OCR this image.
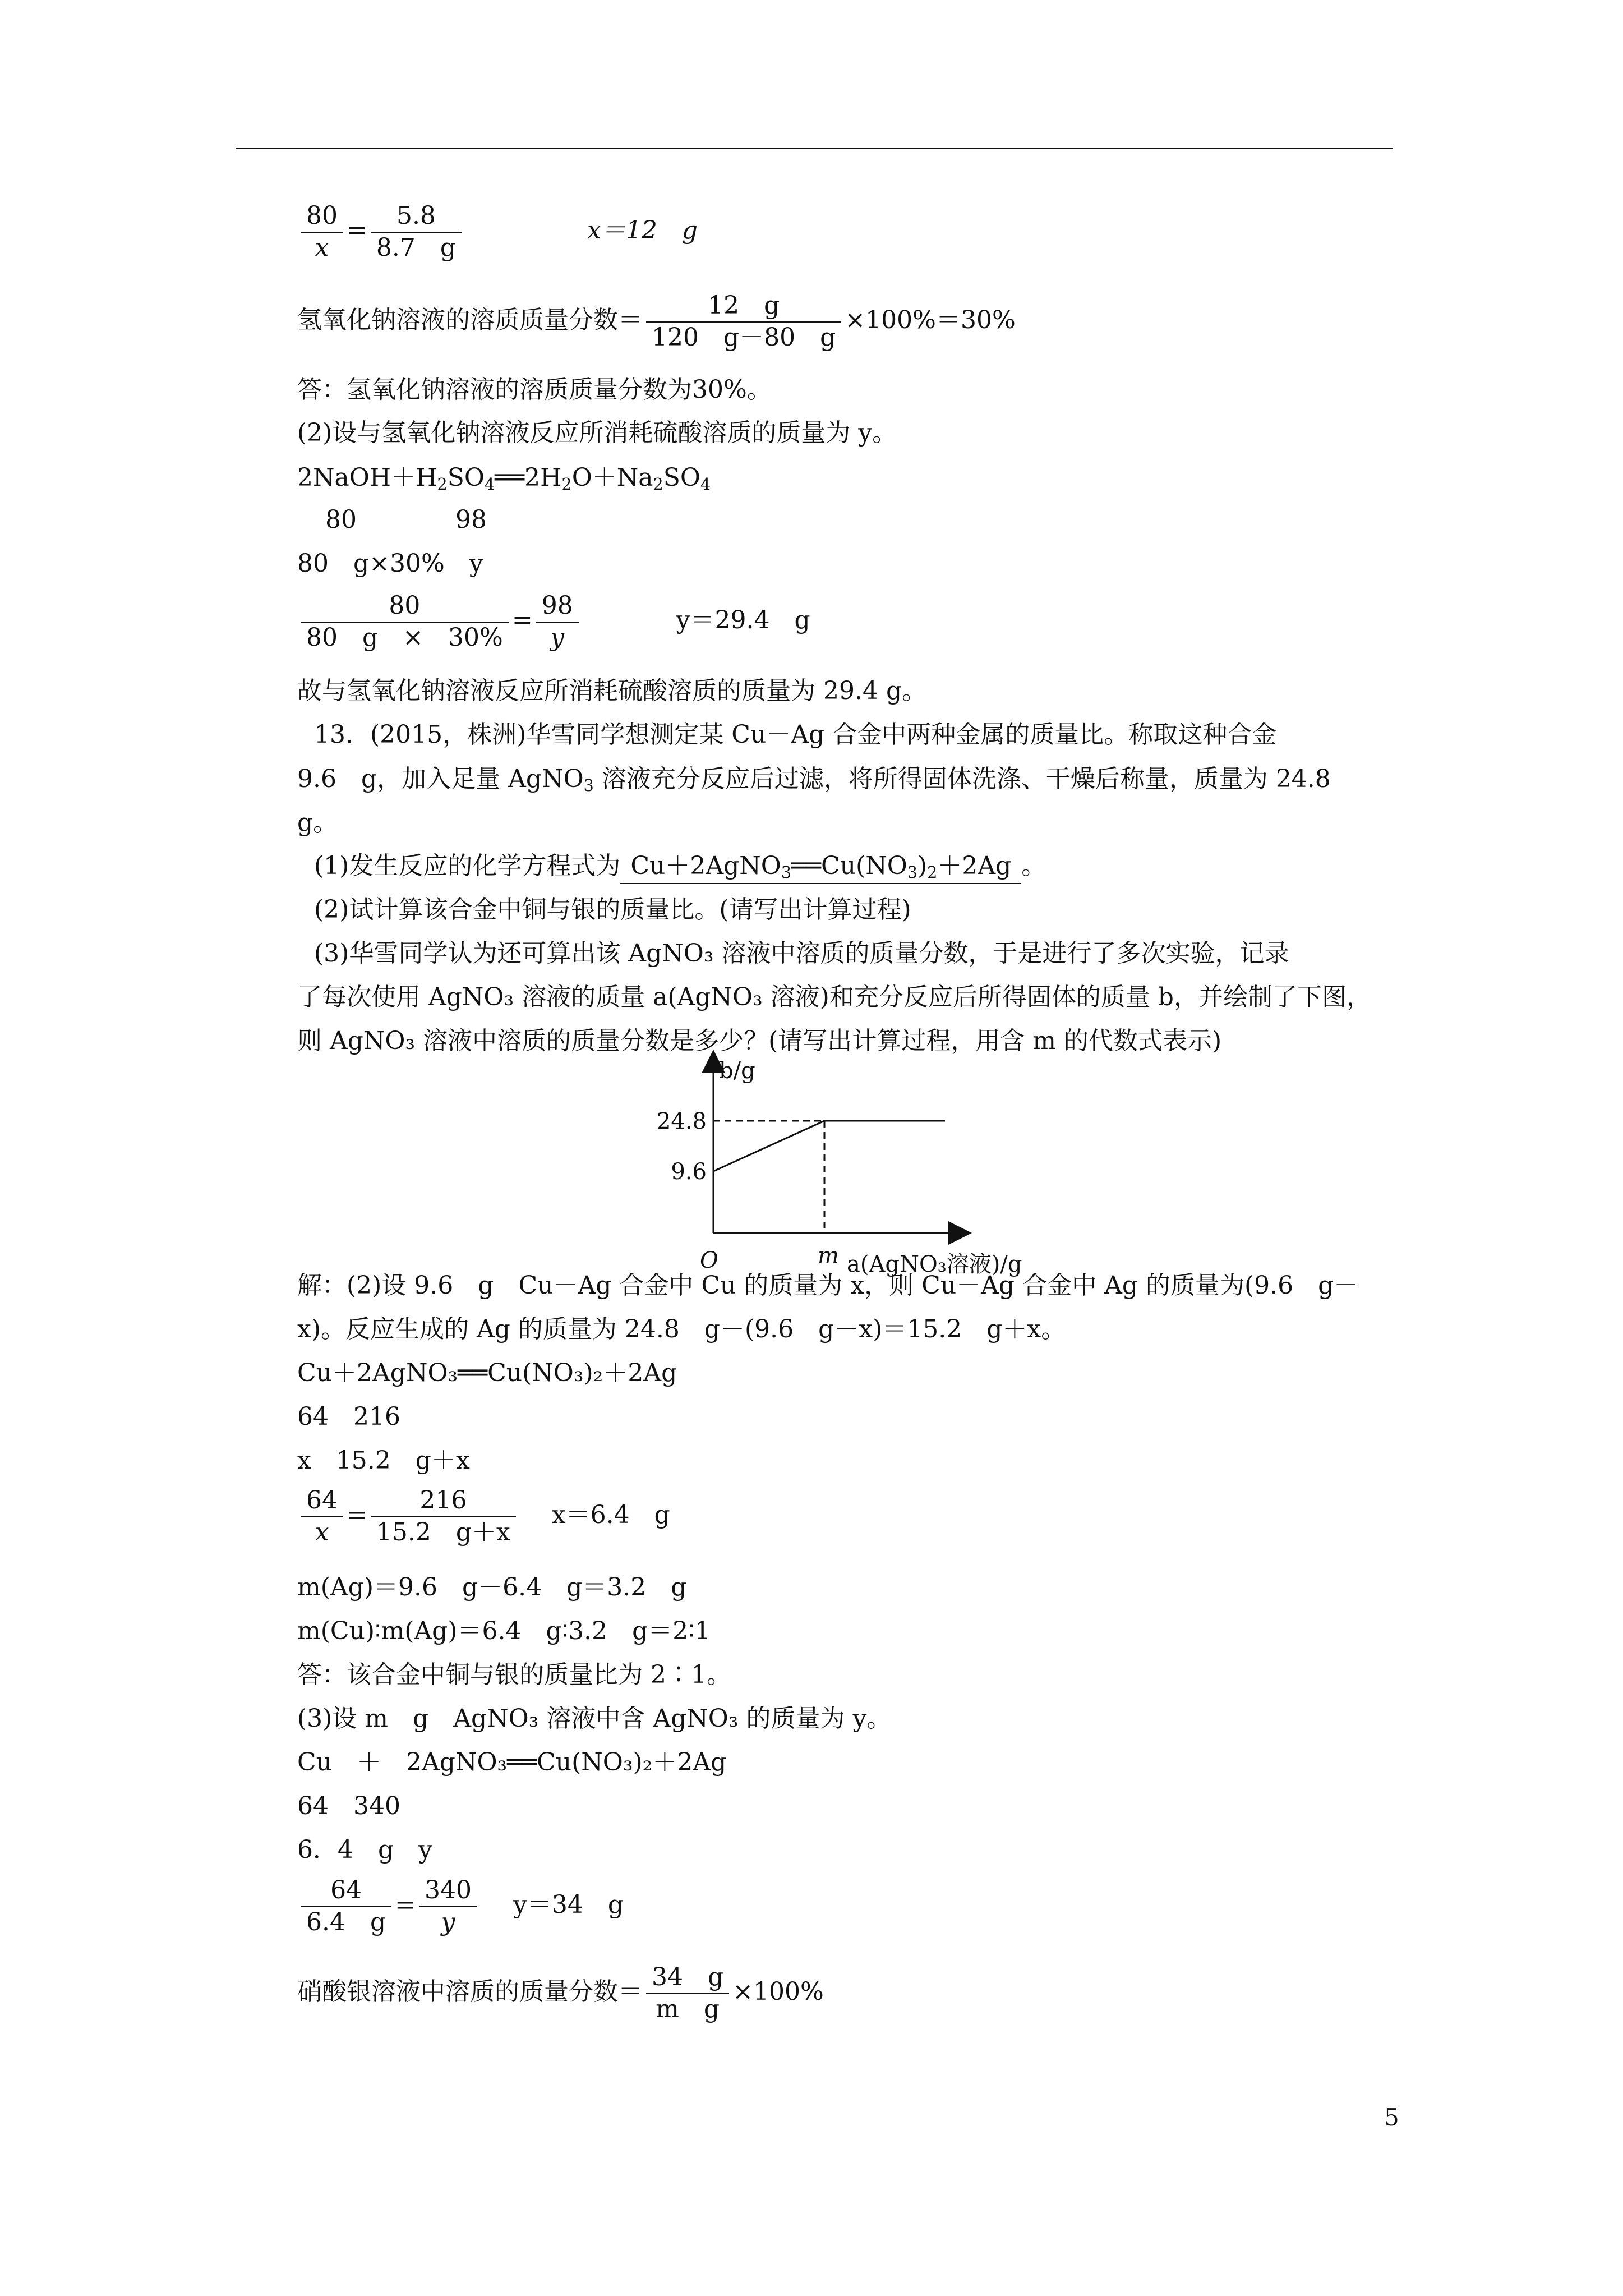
$\frac{80}{x} = \frac{5.8}{8.7 g}$	x＝12　g
氢氧化钠溶液的溶质质量分数＝ $\frac{12 g}{120 g-80 g} \times 100\%=30\%$
答：氢氧化钠溶液的溶质质量分数为30%。
(2)设与氢氧化钠溶液反应所消耗硫酸溶质的质量为 y。
$2NaOH+H_2SO_4══2H_2O+Na_2SO_4$
80　　　　98
80　g×30%　y
$\frac{80}{80 g \times 30\%} = \frac{98}{y}$	y＝29.4　g
故与氢氧化钠溶液反应所消耗硫酸溶质的质量为 29.4 g。
13．(2015，株洲)华雪同学想测定某 Cu－Ag 合金中两种金属的质量比。称取这种合金
9.6　g，加入足量 AgNO$_3$ 溶液充分反应后过滤，将所得固体洗涤、干燥后称量，质量为 24.8
g。
(1)发生反应的化学方程式为 $Cu+2AgNO_3══Cu(NO_3)_2+2Ag$ 。
(2)试计算该合金中铜与银的质量比。(请写出计算过程)
(3)华雪同学认为还可算出该 AgNO₃ 溶液中溶质的质量分数，于是进行了多次实验，记录
了每次使用 AgNO₃ 溶液的质量 a(AgNO₃ 溶液)和充分反应后所得固体的质量 b，并绘制了下图，
则 AgNO₃ 溶液中溶质的质量分数是多少？(请写出计算过程，用含 m 的代数式表示)
b/g
24.8
9.6
O	m a(AgNO₃溶液)/g
解：(2)设 9.6　g　Cu－Ag 合金中 Cu 的质量为 x，则 Cu－Ag 合金中 Ag 的质量为(9.6　g－
x)。反应生成的 Ag 的质量为 24.8　g－(9.6　g－x)＝15.2　g＋x。
Cu＋2AgNO₃══Cu(NO₃)₂＋2Ag
64　216
x　15.2　g＋x
$\frac{64}{x} = \frac{216}{15.2 g+x} x=6.4$　g
m(Ag)＝9.6　g－6.4　g＝3.2　g
m(Cu)∶m(Ag)＝6.4　g∶3.2　g＝2∶1
答：该合金中铜与银的质量比为 2∶1。
(3)设 m　g　AgNO₃ 溶液中含 AgNO₃ 的质量为 y。
Cu　＋　2AgNO₃══Cu(NO₃)₂＋2Ag
64　340
6．4　g　y
$\frac{64}{6.4 g} = \frac{340}{y} y=34$　g
硝酸银溶液中溶质的质量分数＝ $\frac{34 g}{\text{m　g}} \times 100\%$
5
